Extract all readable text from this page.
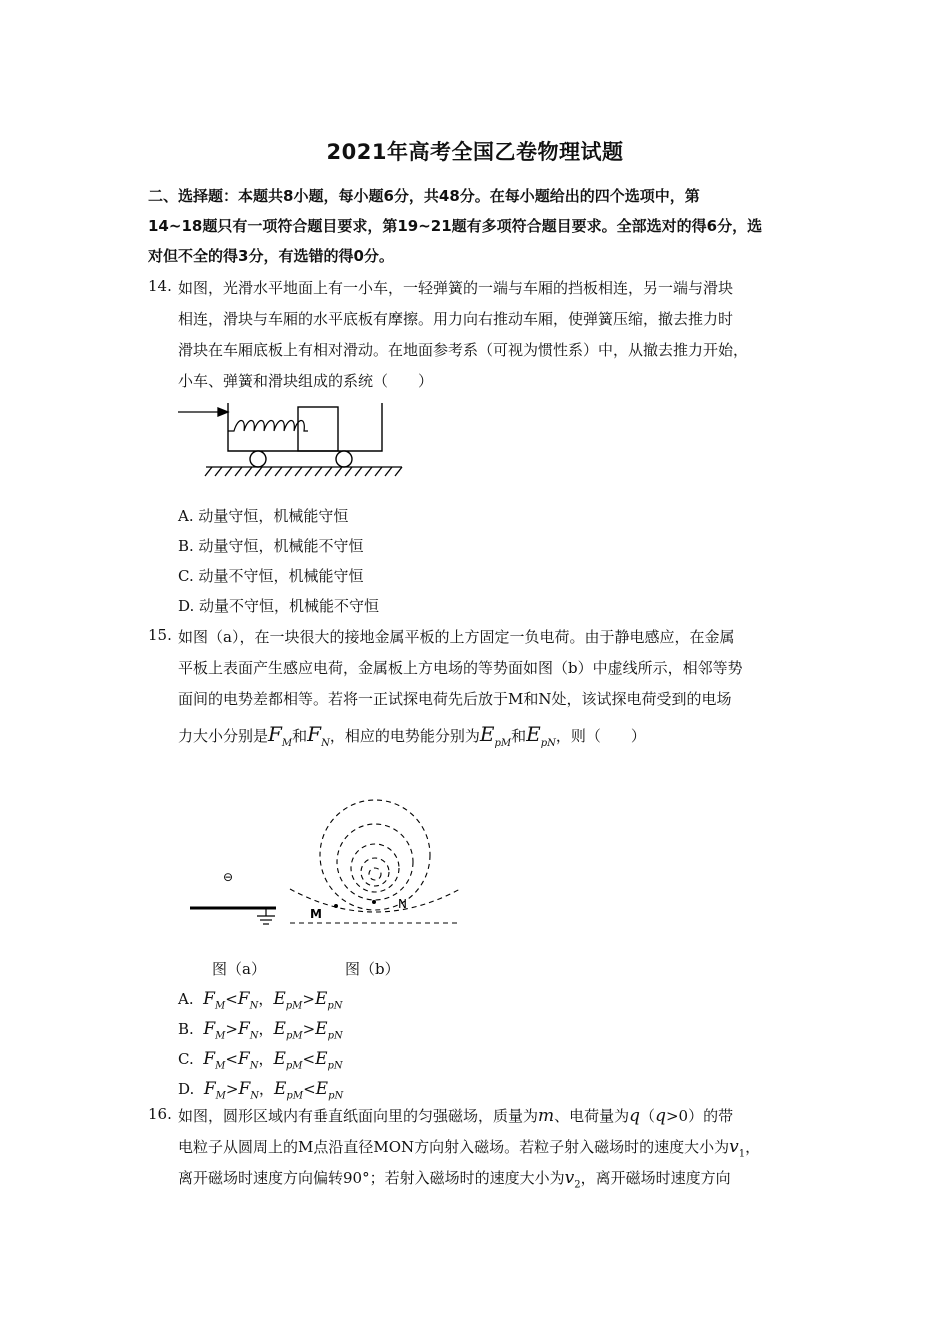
2021年高考全国乙卷物理试题
二、选择题：本题共8小题，每小题6分，共48分。在每小题给出的四个选项中，第
14~18题只有一项符合题目要求，第19~21题有多项符合题目要求。全部选对的得6分，选
对但不全的得3分，有选错的得0分。
14. 如图，光滑水平地面上有一小车，一轻弹簧的一端与车厢的挡板相连，另一端与滑块
相连，滑块与车厢的水平底板有摩擦。用力向右推动车厢，使弹簧压缩，撤去推力时
滑块在车厢底板上有相对滑动。在地面参考系（可视为惯性系）中，从撤去推力开始，
小车、弹簧和滑块组成的系统（　　）
A. 动量守恒，机械能守恒
B. 动量守恒，机械能不守恒
C. 动量不守恒，机械能守恒
D. 动量不守恒，机械能不守恒
15. 如图（a），在一块很大的接地金属平板的上方固定一负电荷。由于静电感应，在金属
平板上表面产生感应电荷，金属板上方电场的等势面如图（b）中虚线所示，相邻等势
面间的电势差都相等。若将一正试探电荷先后放于M和N处，该试探电荷受到的电场
力大小分别是$F_M$和$F_N$，相应的电势能分别为$E_{pM}$和$E_{pN}$，则（　　）
⊖
M
N
图（a）	图（b）
A. $F_M<F_N$，$E_{pM}>E_{pN}$
B. $F_M>F_N$，$E_{pM}>E_{pN}$
C. $F_M<F_N$，$E_{pM}<E_{pN}$
D. $F_M>F_N$，$E_{pM}<E_{pN}$
16. 如图，圆形区域内有垂直纸面向里的匀强磁场，质量为m、电荷量为q（q>0）的带
电粒子从圆周上的M点沿直径MON方向射入磁场。若粒子射入磁场时的速度大小为$v_1$，
离开磁场时速度方向偏转90°；若射入磁场时的速度大小为$v_2$，离开磁场时速度方向
